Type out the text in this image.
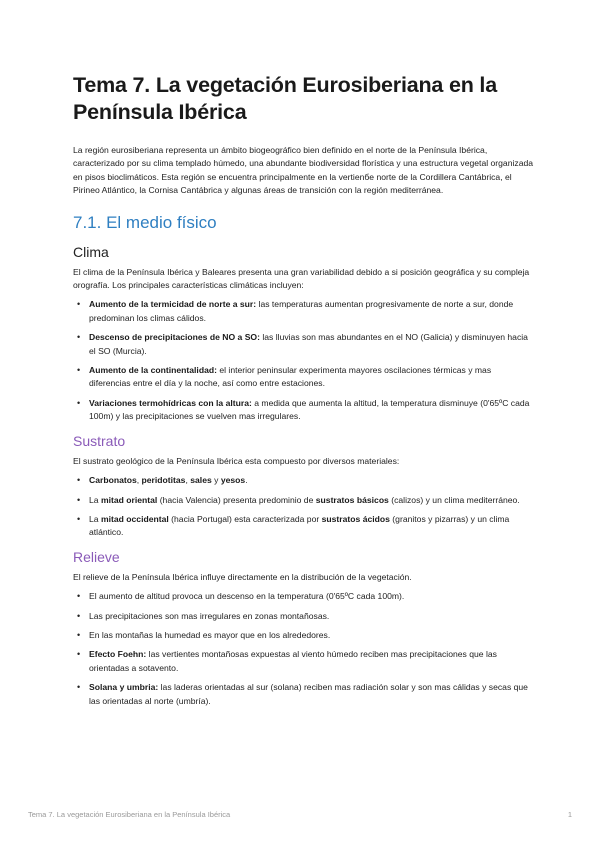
Tema 7. La vegetación Eurosiberiana en la Península Ibérica

La región eurosiberiana representa un ámbito biogeográfico bien definido en el norte de la Península Ibérica, caracterizado por su clima templado húmedo, una abundante biodiversidad florística y una estructura vegetal organizada en pisos bioclimáticos. Esta región se encuentra principalmente en la vertienбe norte de la Cordillera Cantábrica, el Pirineo Atlántico, la Cornisa Cantábrica y algunas áreas de transición con la región mediterránea.

7.1. El medio físico
Clima

El clima de la Península Ibérica y Baleares presenta una gran variabilidad debido a si posición geográfica y su compleja orografía. Los principales características climáticas incluyen:

• Aumento de la termicidad de norte a sur: las temperaturas aumentan progresivamente de norte a sur, donde predominan los climas cálidos.
• Descenso de precipitaciones de NO a SO: las lluvias son mas abundantes en el NO (Galicia) y disminuyen hacia el SO (Murcia).
• Aumento de la continentalidad: el interior peninsular experimenta mayores oscilaciones térmicas y mas diferencias entre el día y la noche, así como entre estaciones.
• Variaciones termohídricas con la altura: a medida que aumenta la altitud, la temperatura disminuye (0'65ºC cada 100m) y las precipitaciones se vuelven mas irregulares.
Sustrato

El sustrato geológico de la Península Ibérica esta compuesto por diversos materiales:

• Carbonatos, peridotitas, sales y yesos.
• La mitad oriental (hacia Valencia) presenta predominio de sustratos básicos (calizos) y un clima mediterráneo.
• La mitad occidental (hacia Portugal) esta caracterizada por sustratos ácidos (granitos y pizarras) y un clima atlántico.
Relieve

El relieve de la Península Ibérica influye directamente en la distribución de la vegetación.

• El aumento de altitud provoca un descenso en la temperatura (0'65ºC cada 100m).
• Las precipitaciones son mas irregulares en zonas montañosas.
• En las montañas la humedad es mayor que en los alrededores.
• Efecto Foehn: las vertientes montañosas expuestas al viento húmedo reciben mas precipitaciones que las orientadas a sotavento.
• Solana y umbria: las laderas orientadas al sur (solana) reciben mas radiación solar y son mas cálidas y secas que las orientadas al norte (umbría).
Tema 7. La vegetación Eurosiberiana en la Península Ibérica	1
